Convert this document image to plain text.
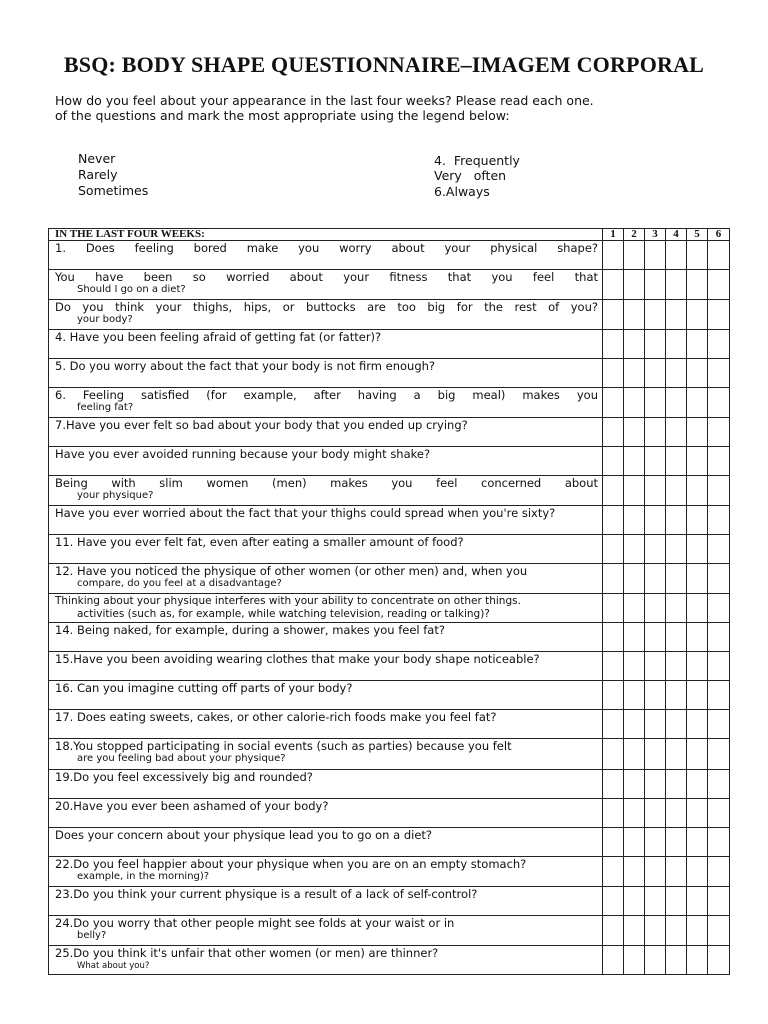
BSQ: BODY SHAPE QUESTIONNAIRE–IMAGEM CORPORAL
How do you feel about your appearance in the last four weeks? Please read each one.
of the questions and mark the most appropriate using the legend below:
Never
Rarely
Sometimes
4.  Frequently
Very   often
6.Always
IN THE LAST FOUR WEEKS:	1	2	3	4	5	6

1. Does feeling bored make you worry about your physical shape?						

You have been so worried about your fitness that you feel that
Should I go on a diet?						

Do you think your thighs, hips, or buttocks are too big for the rest of you?
your body?						

4. Have you been feeling afraid of getting fat (or fatter)?						

5. Do you worry about the fact that your body is not firm enough?						

6. Feeling satisfied (for example, after having a big meal) makes you
feeling fat?						

7.Have you ever felt so bad about your body that you ended up crying?						

Have you ever avoided running because your body might shake?						

Being with slim women (men) makes you feel concerned about
your physique?						

Have you ever worried about the fact that your thighs could spread when you're sixty?						

11. Have you ever felt fat, even after eating a smaller amount of food?						

12. Have you noticed the physique of other women (or other men) and, when you
compare, do you feel at a disadvantage?						

Thinking about your physique interferes with your ability to concentrate on other things.
activities (such as, for example, while watching television, reading or talking)?						

14. Being naked, for example, during a shower, makes you feel fat?						

15.Have you been avoiding wearing clothes that make your body shape noticeable?						

16. Can you imagine cutting off parts of your body?						

17. Does eating sweets, cakes, or other calorie-rich foods make you feel fat?						

18.You stopped participating in social events (such as parties) because you felt
are you feeling bad about your physique?						

19.Do you feel excessively big and rounded?						

20.Have you ever been ashamed of your body?						

Does your concern about your physique lead you to go on a diet?						

22.Do you feel happier about your physique when you are on an empty stomach?
example, in the morning)?						

23.Do you think your current physique is a result of a lack of self-control?						

24.Do you worry that other people might see folds at your waist or in
belly?						

25.Do you think it's unfair that other women (or men) are thinner?
What about you?						
